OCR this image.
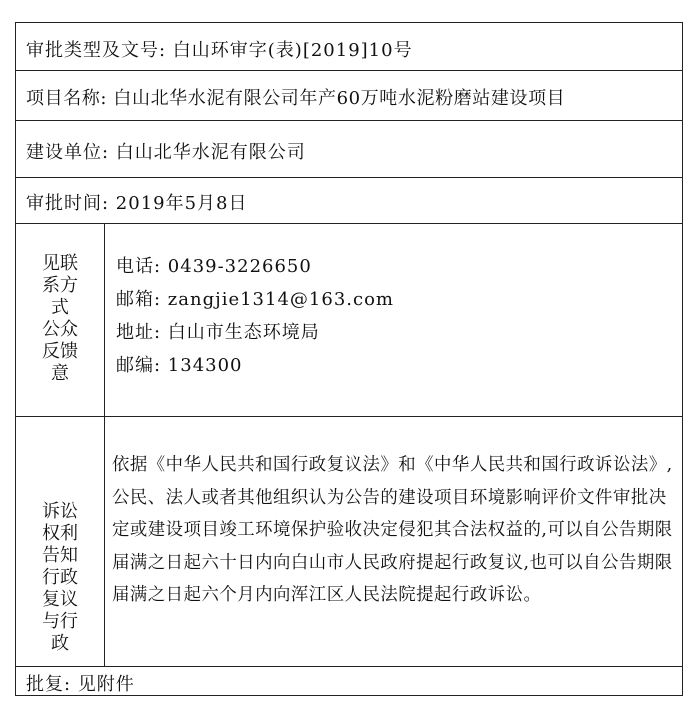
审批类型及文号: 白山环审字(表)[2019]10号
项目名称: 白山北华水泥有限公司年产60万吨水泥粉磨站建设项目
建设单位: 白山北华水泥有限公司
审批时间: 2019年5月8日
见联
系方
式
公众
反馈
意
电话: 0439-3226650
邮箱: zangjie1314@163.com
地址: 白山市生态环境局
邮编: 134300
诉讼
权利
告知
行政
复议
与行
政
依据《中华人民共和国行政复议法》和《中华人民共和国行政诉讼法》,公民、法人或者其他组织认为公告的建设项目环境影响评价文件审批决定或建设项目竣工环境保护验收决定侵犯其合法权益的,可以自公告期限届满之日起六十日内向白山市人民政府提起行政复议,也可以自公告期限届满之日起六个月内向浑江区人民法院提起行政诉讼。
批复: 见附件
